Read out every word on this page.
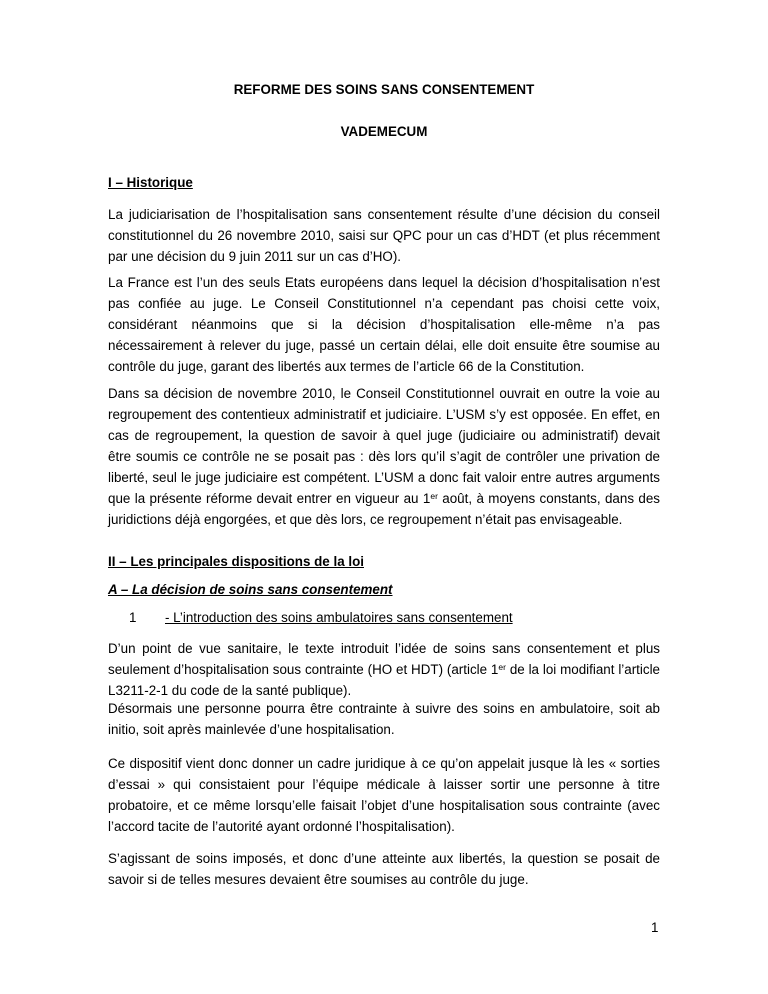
REFORME DES SOINS SANS CONSENTEMENT
VADEMECUM
I – Historique

La judiciarisation de l’hospitalisation sans consentement résulte d’une décision du conseil constitutionnel du 26 novembre 2010, saisi sur QPC pour un cas d’HDT (et plus récemment par une décision du 9 juin 2011 sur un cas d’HO).

La France est l’un des seuls Etats européens dans lequel la décision d’hospitalisation n’est pas confiée au juge. Le Conseil Constitutionnel n’a cependant pas choisi cette voix, considérant néanmoins que si la décision d’hospitalisation elle-même n’a pas nécessairement à relever du juge, passé un certain délai, elle doit ensuite être soumise au contrôle du juge, garant des libertés aux termes de l’article 66 de la Constitution.

Dans sa décision de novembre 2010, le Conseil Constitutionnel ouvrait en outre la voie au regroupement des contentieux administratif et judiciaire. L’USM s’y est opposée. En effet, en cas de regroupement, la question de savoir à quel juge (judiciaire ou administratif) devait être soumis ce contrôle ne se posait pas : dès lors qu’il s’agit de contrôler une privation de liberté, seul le juge judiciaire est compétent. L’USM a donc fait valoir entre autres arguments que la présente réforme devait entrer en vigueur au 1er août, à moyens constants, dans des juridictions déjà engorgées, et que dès lors, ce regroupement n’était pas envisageable.

II – Les principales dispositions de la loi
A – La décision de soins sans consentement
1 - L’introduction des soins ambulatoires sans consentement

D’un point de vue sanitaire, le texte introduit l’idée de soins sans consentement et plus seulement d’hospitalisation sous contrainte (HO et HDT) (article 1er de la loi modifiant l’article L3211-2-1 du code de la santé publique).

Désormais une personne pourra être contrainte à suivre des soins en ambulatoire, soit ab initio, soit après mainlevée d’une hospitalisation.

Ce dispositif vient donc donner un cadre juridique à ce qu’on appelait jusque là les « sorties d’essai » qui consistaient pour l’équipe médicale à laisser sortir une personne à titre probatoire, et ce même lorsqu’elle faisait l’objet d’une hospitalisation sous contrainte (avec l’accord tacite de l’autorité ayant ordonné l’hospitalisation).

S’agissant de soins imposés, et donc d’une atteinte aux libertés, la question se posait de savoir si de telles mesures devaient être soumises au contrôle du juge.

1
